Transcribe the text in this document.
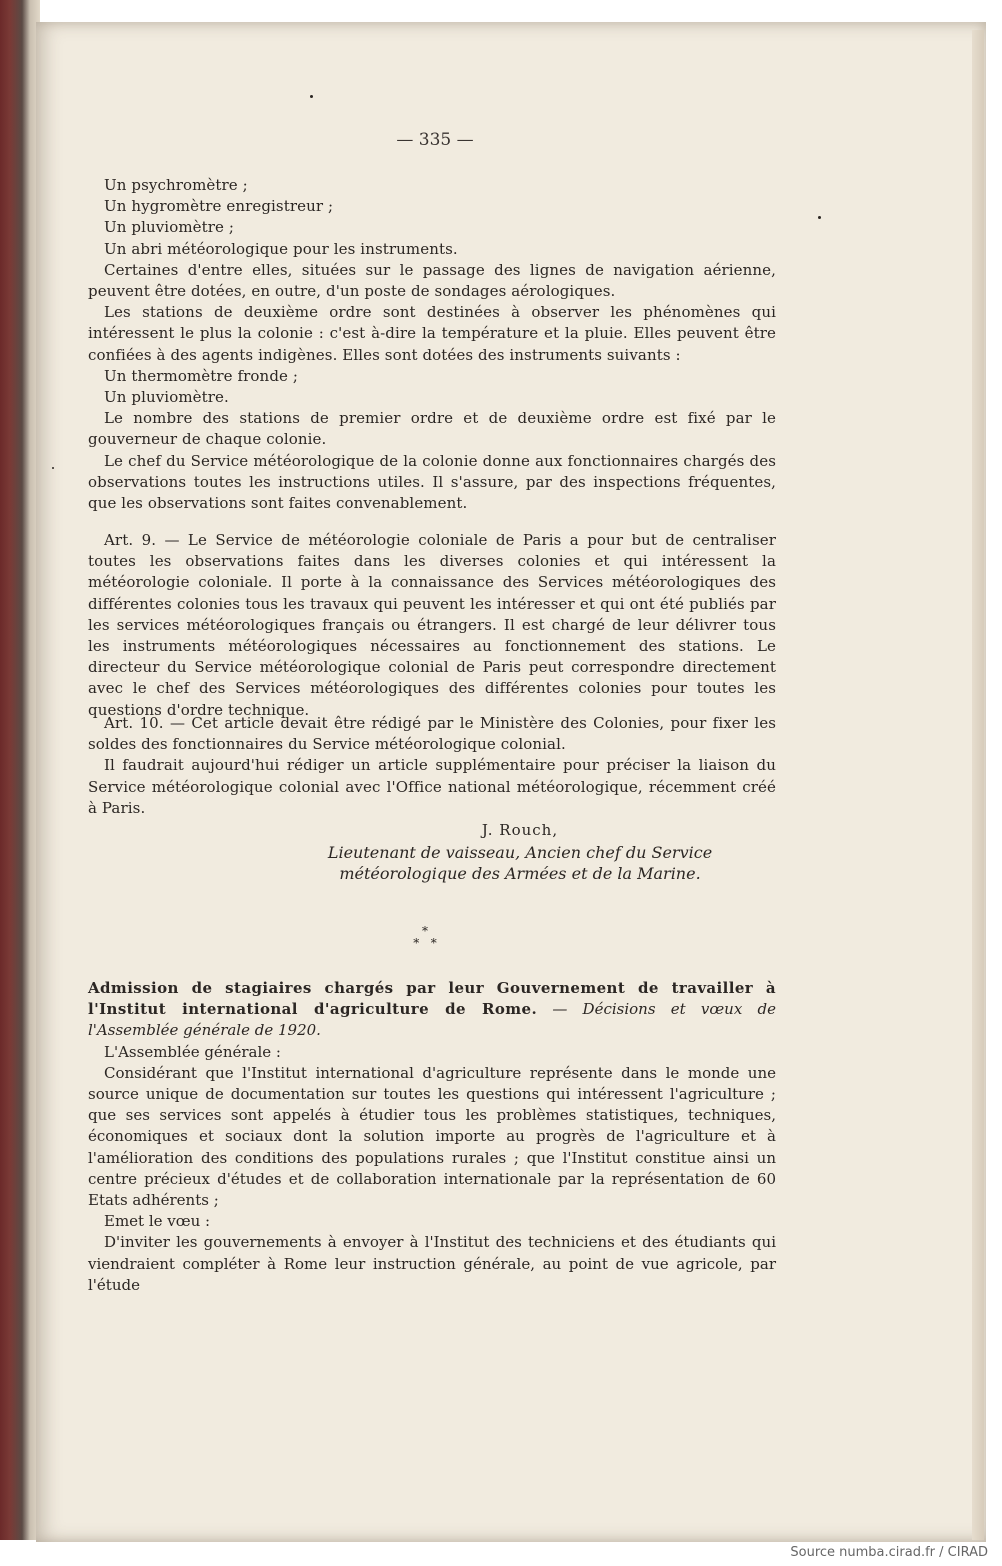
— 335 —

Un psychromètre ;

Un hygromètre enregistreur ;

Un pluviomètre ;

Un abri météorologique pour les instruments.

Certaines d'entre elles, situées sur le passage des lignes de navigation aérienne, peuvent être dotées, en outre, d'un poste de sondages aérologiques.

Les stations de deuxième ordre sont destinées à observer les phénomènes qui intéressent le plus la colonie : c'est à-dire la température et la pluie. Elles peuvent être confiées à des agents indigènes. Elles sont dotées des instruments suivants :

Un thermomètre fronde ;

Un pluviomètre.

Le nombre des stations de premier ordre et de deuxième ordre est fixé par le gouverneur de chaque colonie.

Le chef du Service météorologique de la colonie donne aux fonctionnaires chargés des observations toutes les instructions utiles. Il s'assure, par des inspections fréquentes, que les observations sont faites convenablement.

Art. 9. — Le Service de météorologie coloniale de Paris a pour but de centraliser toutes les observations faites dans les diverses colonies et qui intéressent la météorologie coloniale. Il porte à la connaissance des Services météorologiques des différentes colonies tous les travaux qui peuvent les intéresser et qui ont été publiés par les services météorologiques français ou étrangers. Il est chargé de leur délivrer tous les instruments météorologiques nécessaires au fonctionnement des stations. Le directeur du Service météorologique colonial de Paris peut correspondre directement avec le chef des Services météorologiques des différentes colonies pour toutes les questions d'ordre technique.

Art. 10. — Cet article devait être rédigé par le Ministère des Colonies, pour fixer les soldes des fonctionnaires du Service météorologique colonial.

Il faudrait aujourd'hui rédiger un article supplémentaire pour préciser la liaison du Service météorologique colonial avec l'Office national météorologique, récemment créé à Paris.

J. Rouch,
Lieutenant de vaisseau, Ancien chef du Service
météorologique des Armées et de la Marine.
*
*   *

Admission de stagiaires chargés par leur Gouvernement de travailler à l'Institut international d'agriculture de Rome. — Décisions et vœux de l'Assemblée générale de 1920.

L'Assemblée générale :

Considérant que l'Institut international d'agriculture représente dans le monde une source unique de documentation sur toutes les questions qui intéressent l'agriculture ; que ses services sont appelés à étudier tous les problèmes statistiques, techniques, économiques et sociaux dont la solution importe au progrès de l'agriculture et à l'amélioration des conditions des populations rurales ; que l'Institut constitue ainsi un centre précieux d'études et de collaboration internationale par la représentation de 60 Etats adhérents ;

Emet le vœu :

D'inviter les gouvernements à envoyer à l'Institut des techniciens et des étudiants qui viendraient compléter à Rome leur instruction générale, au point de vue agricole, par l'étude

Source numba.cirad.fr / CIRAD
